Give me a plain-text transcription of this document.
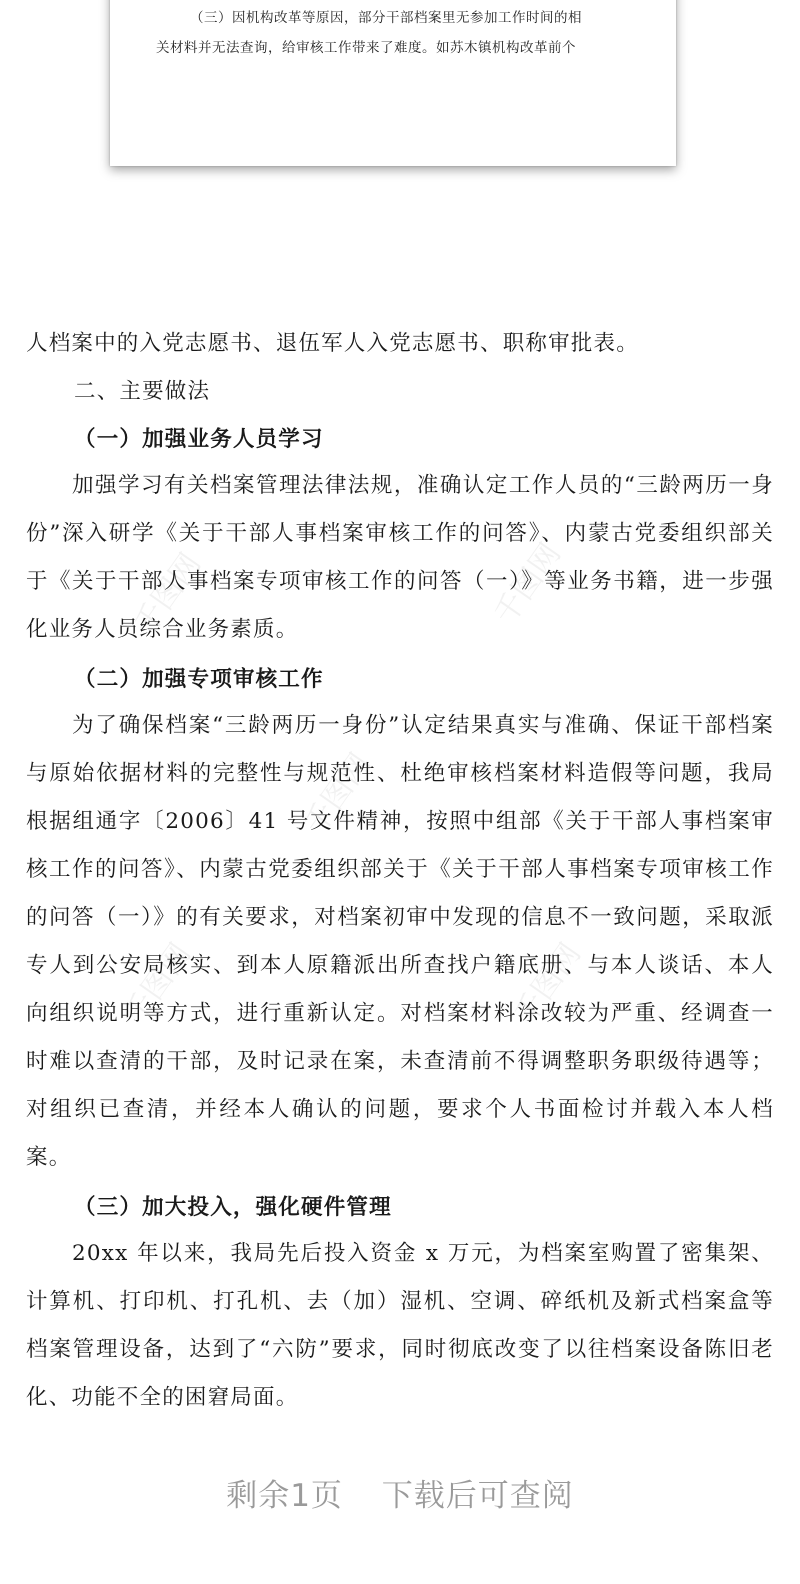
（三）因机构改革等原因，部分干部档案里无参加工作时间的相
关材料并无法查询，给审核工作带来了难度。如苏木镇机构改革前个
千图网	千图网
千图网
千图网	千图网
人档案中的入党志愿书、退伍军人入党志愿书、职称审批表。
二、主要做法
（一）加强业务人员学习

加强学习有关档案管理法律法规，准确认定工作人员的“三龄两历一身份”深入研学《关于干部人事档案审核工作的问答》、内蒙古党委组织部关于《关于干部人事档案专项审核工作的问答（一）》等业务书籍，进一步强化业务人员综合业务素质。

（二）加强专项审核工作

为了确保档案“三龄两历一身份”认定结果真实与准确、保证干部档案与原始依据材料的完整性与规范性、杜绝审核档案材料造假等问题，我局根据组通字〔2006〕41 号文件精神，按照中组部《关于干部人事档案审核工作的问答》、内蒙古党委组织部关于《关于干部人事档案专项审核工作的问答（一）》的有关要求，对档案初审中发现的信息不一致问题，采取派专人到公安局核实、到本人原籍派出所查找户籍底册、与本人谈话、本人向组织说明等方式，进行重新认定。对档案材料涂改较为严重、经调查一时难以查清的干部，及时记录在案，未查清前不得调整职务职级待遇等；对组织已查清，并经本人确认的问题，要求个人书面检讨并载入本人档案。

（三）加大投入，强化硬件管理

20xx 年以来，我局先后投入资金 x 万元，为档案室购置了密集架、计算机、打印机、打孔机、去（加）湿机、空调、碎纸机及新式档案盒等档案管理设备，达到了“六防”要求，同时彻底改变了以往档案设备陈旧老化、功能不全的困窘局面。

剩余1页 下载后可查阅
